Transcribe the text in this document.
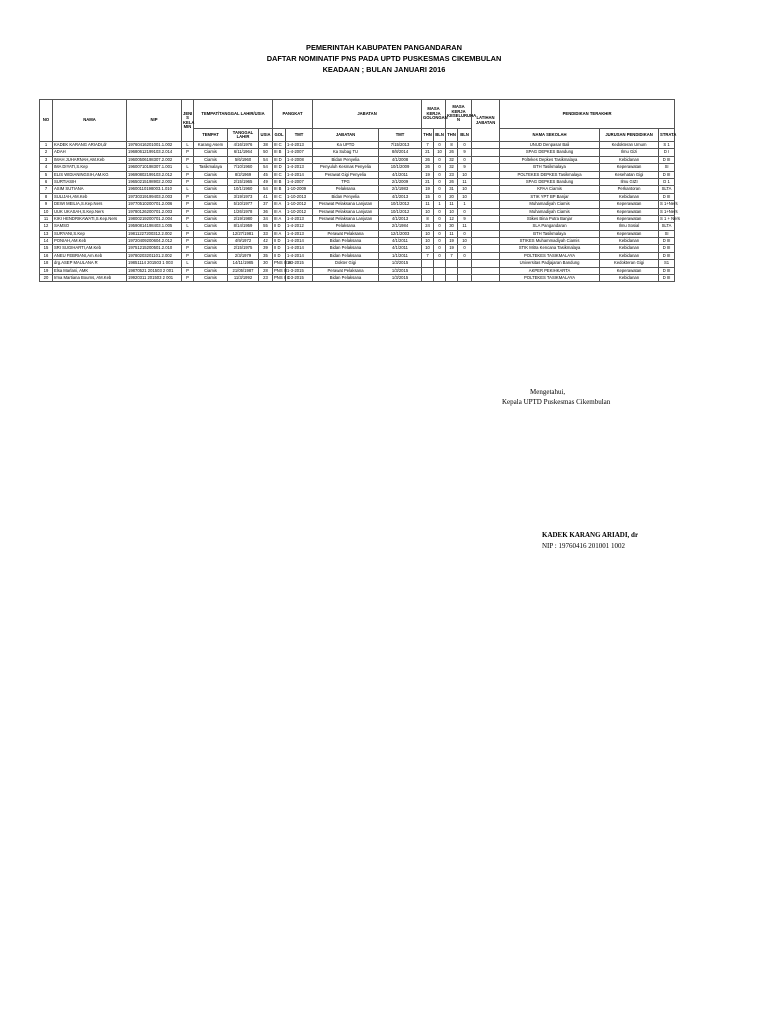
PEMERINTAH KABUPATEN PANGANDARAN
DAFTAR NOMINATIF PNS PADA UPTD PUSKESMAS CIKEMBULAN
KEADAAN ; BULAN JANUARI 2016
NO	NAMA	NIP	JENI S KELA MIN	TEMPAT/TANGGAL LAHIR/USIA			PANGKAT		JABATAN		MASA KERJA GOLONGAN		MASA KERJA KESELURUHA N		LATIHAN JABATAN	PENDIDIKAN TERAKHIR		
				TEMPAT	TANGGAL LAHIR	USIA	GOL	TMT	JABATAN	TMT	THN	BLN	THN	BLN		NAMA SEKOLAH	JURUSAN PENDIDIKAN	STRATA
1	KADEK KARANG ARIADI,dr	19760416201001.1.002	L	Karang Asem	4/16/1976	38	III C	1-4-2013	Ka UPTD	7/15/2013	7	0	8	0		UNUD Denpasar Bali	Kedokteran Umum	S 1
2	ADAH	19680612199103.2.014	P	Ciamis	6/11/1964	50	III B	1-4-2007	Ka Subag TU	8/8/2014	21	10	26	9		SPAG DEPKES Bandung	Ilmu Gizi	D I
3	IMAH JUHARNAH,AM.Keb	19600506198307.2.002	P	Ciamis	5/6/1960	54	III D	1-4-2008	Bidan Penyelia	4/1/2008	26	0	32	0		Poltekes Depkes Tasikmalaya	Kebidanan	D III
4	IMA DIYATI,S.Kep	19600710198307.1.001	L	Tasikmalaya	7/10/1960	54	III D	1-4-2013	Penyuluh Kesmas Penyelia	10/1/2009	26	0	32	9		BTH Tasikmalaya	Keperawatan	SI
5	ELIS WIDIANINGSIH,AM.KG	19690802199103.2.012	P	Ciamis	8/2/1969	45	III C	1-4-2014	Perawat Gigi Penyelia	4/1/2011	19	0	23	10		POLTEKES DEPKES Tasikmalaya	Kesehatan Gigi	D III
6	SURTIASIH	19650215198902.2.002	P	Ciamis	2/15/1965	49	III B	1-4-2007	TPG	2/1/2009	21	0	26	11		SPAG DEPKES Bandung	Ilmu GIZI	D 1
7	ASIM SUTIANA	19600110198003.1.010	L	Ciamis	10/1/1960	54	III B	1-10-2009	Pelaksana	2/1/1983	19	0	31	10		KPAA Ciamis	Perkantoran	SLTA
8	SULIJAH,AM.Keb	19730319199403.2.003	P	Ciamis	3/19/1973	41	III C	1-10-2013	Bidan Penyelia	4/1/2013	15	0	20	10		STIK YPT BP Banjar	Kebidanan	D III
9	DEWI MEILIA,S.Kep.Ners	19770510200701.2.006	P	Ciamis	5/10/1977	37	III A	1-10-2012	Perawat Pelaksana Lanjutan	10/1/2012	11	1	11	1		Muhamadiyah Ciamis	Keperawatan	S 1+Ners
10	UUK UKASAH,S.Kep.Ners	19780126200701.2.003	P	Ciamis	1/26/1978	36	III A	1-10-2012	Perawat Pelaksana Lanjutan	10/1/2012	10	0	10	0		Muhamadiyah Ciamis	Keperawatan	S 1+Ners
11	KIKI HENDRIKAWATI,S.Kep.Ners	19800219200701.2.004	P	Ciamis	2/19/1980	34	III A	1-4-2013	Perawat Pelaksana Lanjutan	4/1/2013	8	0	12	9		Stikes Bina Putra Banjar	Keperawatan	S 1 + Ners
12	SAMSO	19590814198403.1.005	L	Ciamis	8/14/1959	55	II D	1-4-2012	Pelaksana	2/1/1984	24	0	30	11		SLA Pangandaran	Ilmu Sosial	SLTA
13	SURYANI,S.Kep	19811227200312.2.002	P	Ciamis	12/27/1981	33	III A	1-4-2013	Perawat Pelaksana	12/1/2003	10	0	11	0		BTH Tasikmalaya	Keperawatan	SI
14	PONIAH,AM.Keb	19720409200604.2.012	P	Ciamis	4/9/1972	42	II D	1-4-2014	Bidan Pelaksana	4/1/2011	10	0	19	10		STIKES Muhammadiyah Ciamis	Kebidanan	D III
15	SRI SUGIHARTI,AM.Keb	19751215200501.2.010	P	Ciamis	2/15/1975	39	II D	1-4-2014	Bidan Pelaksana	4/1/2011	10	0	19	0		STIK Mitra Kencana Tasikmalaya	Kebidanan	D III
16	ANEU FEBRIANI,Am.Keb	19780203201101.2.002	P	Ciamis	2/3/1979	35	II D	1-4-2014	Bidan Pelaksana	1/1/2011	7	0	7	0		POLTEKES TASIKMALAYA	Kebidanan	D III
18	drg.ASEP MAULANA R	19851114 201503 1 003	L	Ciamis	14/11/1985	30	PNS III B	1-3-2015	Dokter Gigi	1/3/2015						Universitas Padjajaran Bandung	Kedokteran Gigi	S1
19	Elsa Marlani, AMK	19870521 201503 2 001	P	Ciamis	21/05/1987	28	PNS III	1-3-2015	Perawat Pelaksana	1/3/2015						AKPER PEKIHKARTA	Keperawatan	D III
20	Irma Martiana Bourns, AM.Keb	19920311 201503 2 001	P	Ciamis	11/3/1992	23	PNS II C	1-3-2015	Bidan Pelaksana	1/3/2015						POLTEKES TASIKMALAYA	Kebidanan	D III
Mengetahui,
Kepala UPTD Puskesmas Cikembulan
KADEK KARANG ARIADI, dr
NIP : 19760416 201001 1002
